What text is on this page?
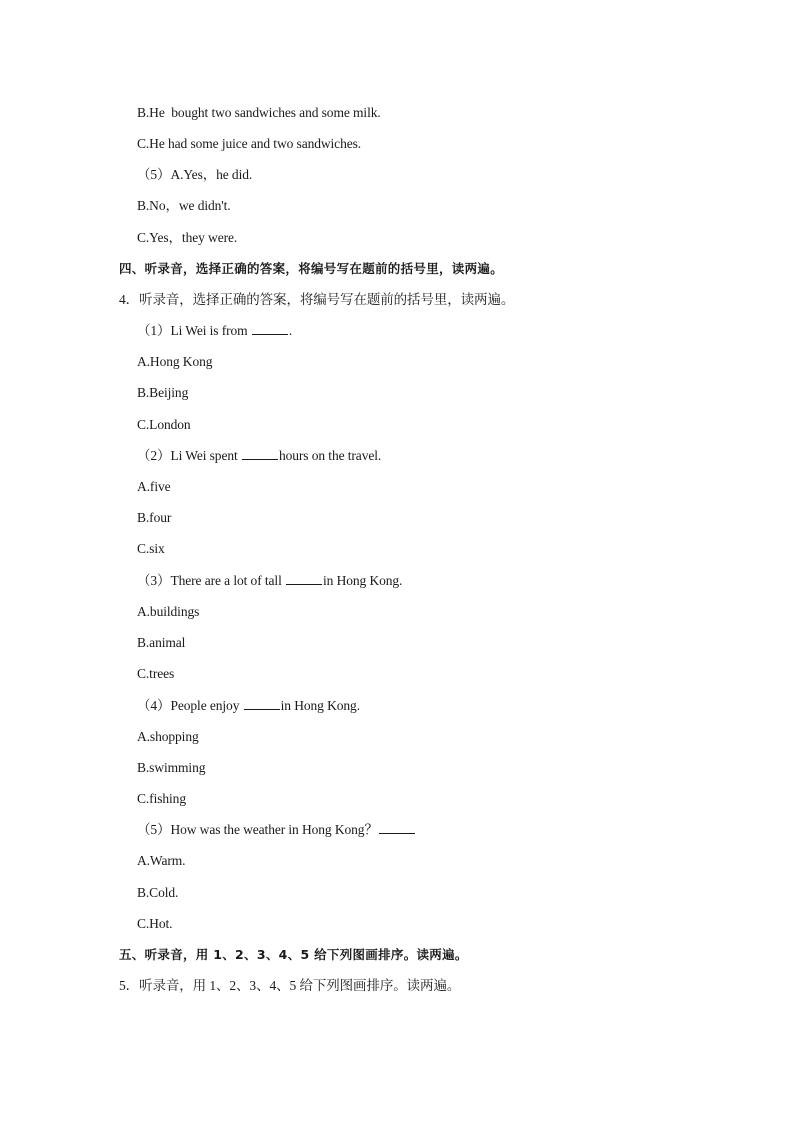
B.He  bought two sandwiches and some milk.
C.He had some juice and two sandwiches.
（5）A.Yes，he did.
B.No，we didn't.
C.Yes，they were.
四、听录音，选择正确的答案，将编号写在题前的括号里，读两遍。
4．听录音，选择正确的答案，将编号写在题前的括号里，读两遍。
（1）Li Wei is from	.
A.Hong Kong
B.Beijing
C.London
（2）Li Wei spent	hours on the travel.
A.five
B.four
C.six
（3）There are a lot of tall	in Hong Kong.
A.buildings
B.animal
C.trees
（4）People enjoy	in Hong Kong.
A.shopping
B.swimming
C.fishing
（5）How was the weather in Hong Kong？
A.Warm.
B.Cold.
C.Hot.
五、听录音，用 1、2、3、4、5 给下列图画排序。读两遍。
5．听录音，用 1、2、3、4、5 给下列图画排序。读两遍。
